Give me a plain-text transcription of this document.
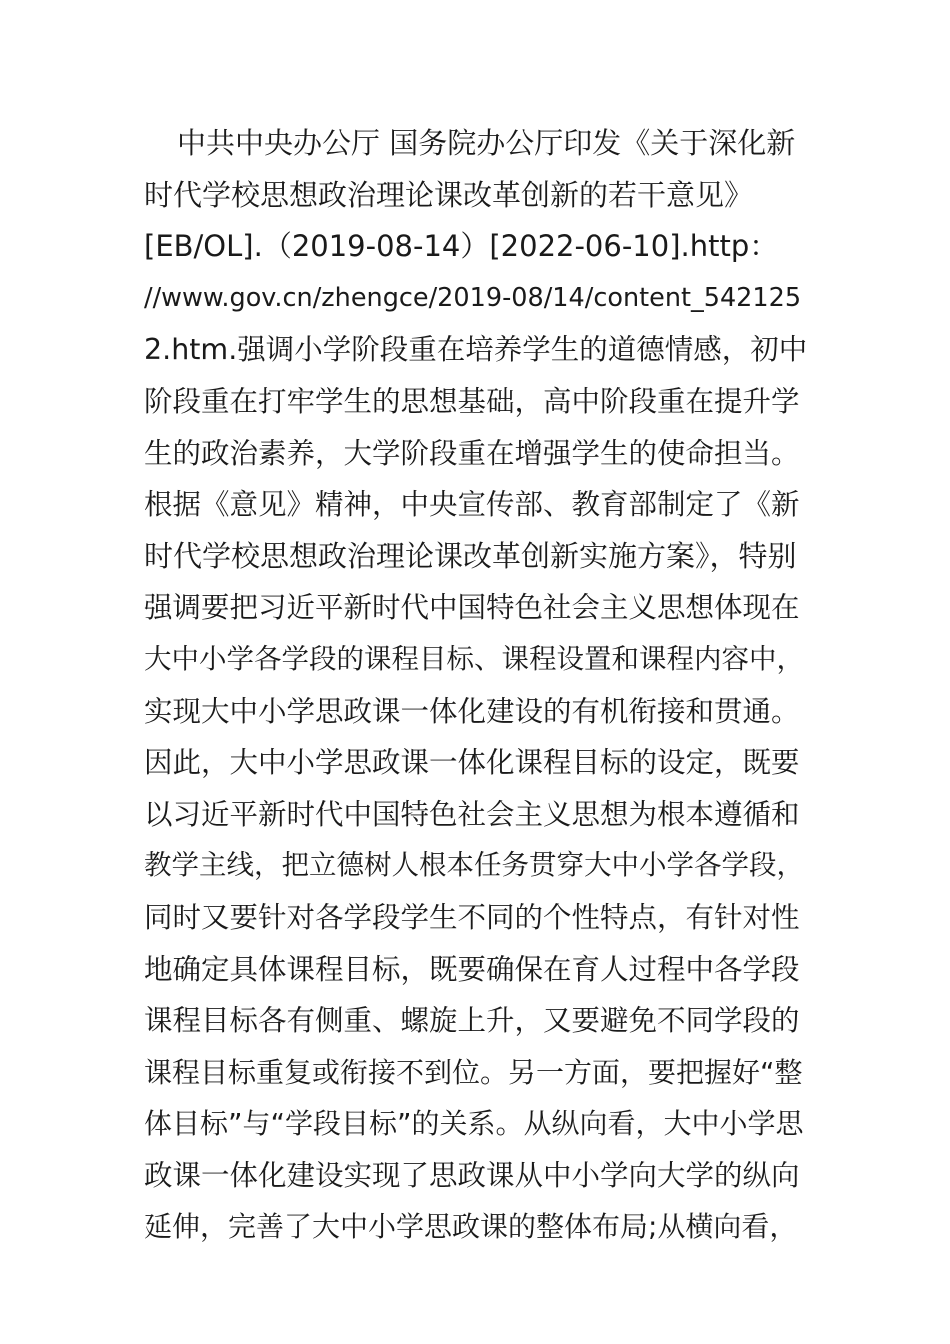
中共中央办公厅 国务院办公厅印发《关于深化新
时代学校思想政治理论课改革创新的若干意见》
[EB/OL].（2019-08-14）[2022-06-10].http：
//www.gov.cn/zhengce/2019-08/14/content_542125
2.htm.强调小学阶段重在培养学生的道德情感，初中
阶段重在打牢学生的思想基础，高中阶段重在提升学
生的政治素养，大学阶段重在增强学生的使命担当。
根据《意见》精神，中央宣传部、教育部制定了《新
时代学校思想政治理论课改革创新实施方案》，特别
强调要把习近平新时代中国特色社会主义思想体现在
大中小学各学段的课程目标、课程设置和课程内容中，
实现大中小学思政课一体化建设的有机衔接和贯通。
因此，大中小学思政课一体化课程目标的设定，既要
以习近平新时代中国特色社会主义思想为根本遵循和
教学主线，把立德树人根本任务贯穿大中小学各学段，
同时又要针对各学段学生不同的个性特点，有针对性
地确定具体课程目标，既要确保在育人过程中各学段
课程目标各有侧重、螺旋上升，又要避免不同学段的
课程目标重复或衔接不到位。另一方面，要把握好“整
体目标”与“学段目标”的关系。从纵向看，大中小学思
政课一体化建设实现了思政课从中小学向大学的纵向
延伸，完善了大中小学思政课的整体布局;从横向看，
